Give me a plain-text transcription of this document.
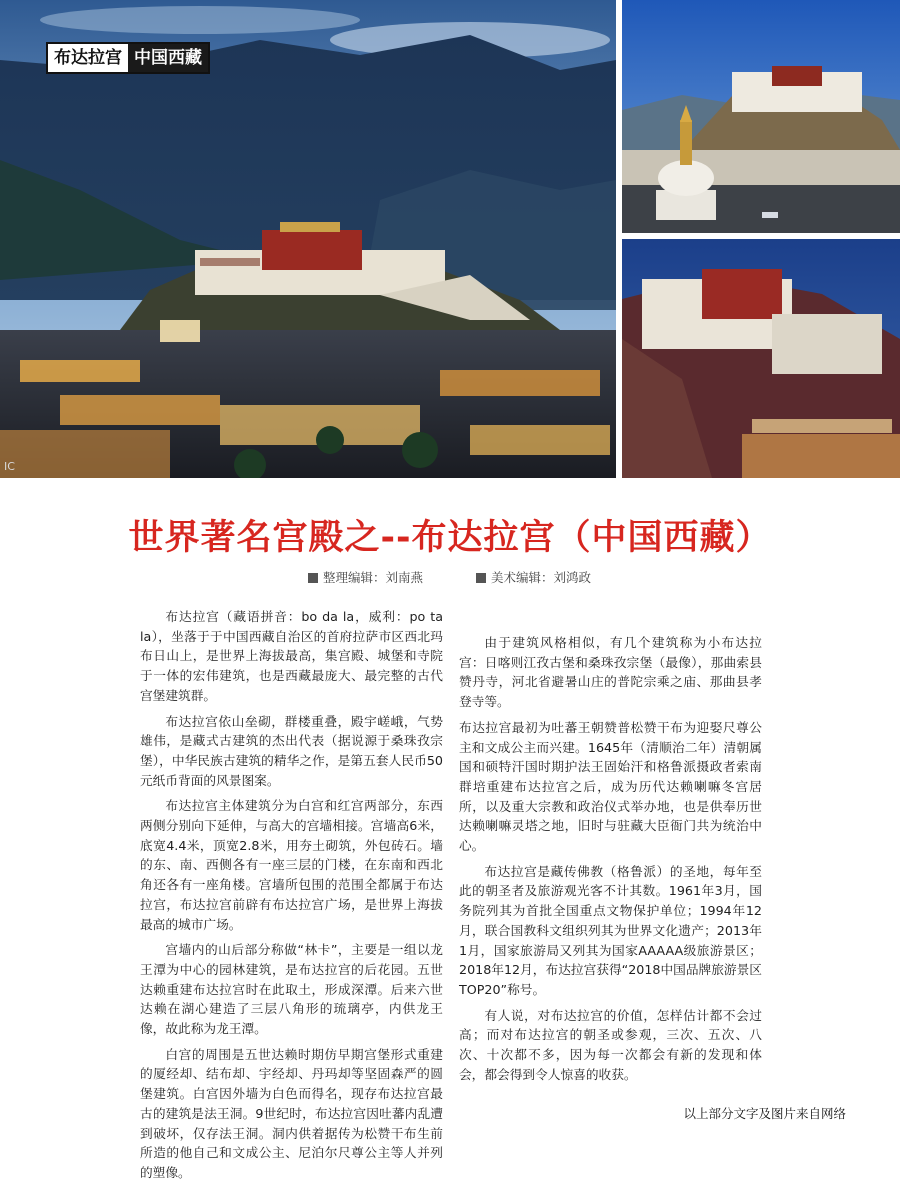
布达拉宫 中国西藏
IC
世界著名宫殿之--布达拉宫（中国西藏）
整理编辑：刘南燕	美术编辑：刘鸿政

布达拉宫（藏语拼音：bo da la，威利：po ta la），坐落于于中国西藏自治区的首府拉萨市区西北玛布日山上，是世界上海拔最高，集宫殿、城堡和寺院于一体的宏伟建筑，也是西藏最庞大、最完整的古代宫堡建筑群。

布达拉宫依山垒砌，群楼重叠，殿宇嵯峨，气势雄伟，是藏式古建筑的杰出代表（据说源于桑珠孜宗堡），中华民族古建筑的精华之作，是第五套人民币50元纸币背面的风景图案。

布达拉宫主体建筑分为白宫和红宫两部分，东西两侧分别向下延伸，与高大的宫墙相接。宫墙高6米，底宽4.4米，顶宽2.8米，用夯土砌筑，外包砖石。墙的东、南、西侧各有一座三层的门楼，在东南和西北角还各有一座角楼。宫墙所包围的范围全都属于布达拉宫，布达拉宫前辟有布达拉宫广场，是世界上海拔最高的城市广场。

宫墙内的山后部分称做“林卡”，主要是一组以龙王潭为中心的园林建筑，是布达拉宫的后花园。五世达赖重建布达拉宫时在此取土，形成深潭。后来六世达赖在湖心建造了三层八角形的琉璃亭，内供龙王像，故此称为龙王潭。

白宫的周围是五世达赖时期仿早期宫堡形式重建的厦经却、结布却、宇经却、丹玛却等坚固森严的圆堡建筑。白宫因外墙为白色而得名，现存布达拉宫最古的建筑是法王洞。9世纪时，布达拉宫因吐蕃内乱遭到破坏，仅存法王洞。洞内供着据传为松赞干布生前所造的他自己和文成公主、尼泊尔尺尊公主等人并列的塑像。

由于建筑风格相似，有几个建筑称为小布达拉宫：日喀则江孜古堡和桑珠孜宗堡（最像），那曲索县赞丹寺，河北省避暑山庄的普陀宗乘之庙、那曲县孝登寺等。

布达拉宫最初为吐蕃王朝赞普松赞干布为迎娶尺尊公主和文成公主而兴建。1645年（清顺治二年）清朝属国和硕特汗国时期护法王固始汗和格鲁派摄政者索南群培重建布达拉宫之后，成为历代达赖喇嘛冬宫居所，以及重大宗教和政治仪式举办地，也是供奉历世达赖喇嘛灵塔之地，旧时与驻藏大臣衙门共为统治中心。

布达拉宫是藏传佛教（格鲁派）的圣地，每年至此的朝圣者及旅游观光客不计其数。1961年3月，国务院列其为首批全国重点文物保护单位；1994年12月，联合国教科文组织列其为世界文化遗产；2013年1月，国家旅游局又列其为国家AAAAA级旅游景区；2018年12月，布达拉宫获得“2018中国品牌旅游景区TOP20”称号。

有人说，对布达拉宫的价值，怎样估计都不会过高；而对布达拉宫的朝圣或参观，三次、五次、八次、十次都不多，因为每一次都会有新的发现和体会，都会得到令人惊喜的收获。

以上部分文字及图片来自网络
